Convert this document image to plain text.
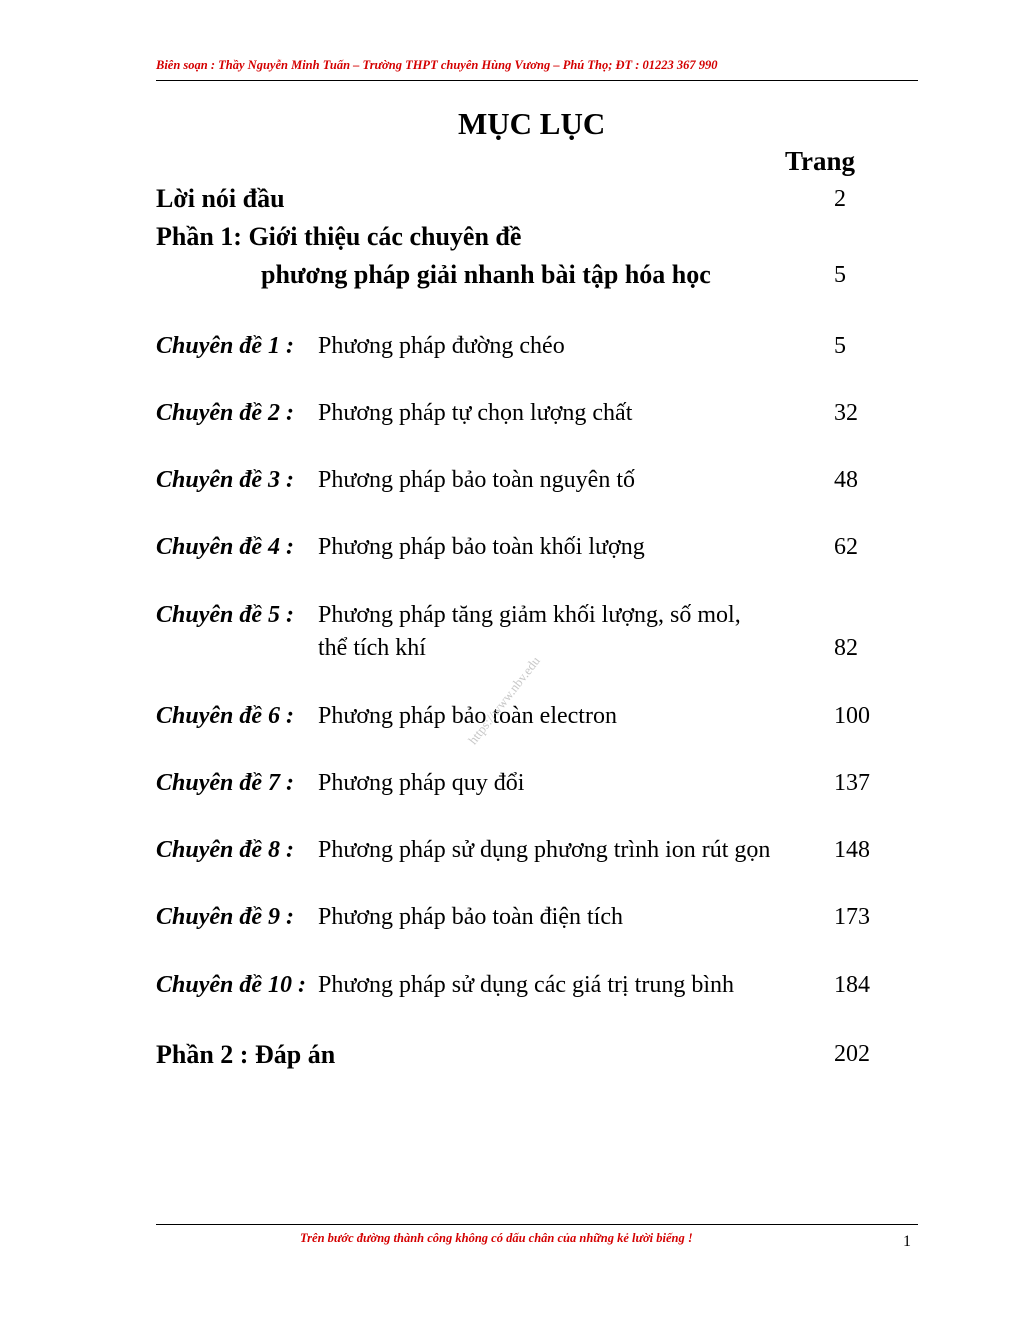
Biên soạn : Thầy Nguyễn Minh Tuấn – Trường THPT chuyên Hùng Vương – Phú Thọ; ĐT : 01223 367 990
MỤC LỤC
Trang
Lời nói đầu	2
Phần 1: Giới thiệu các chuyên đề
phương pháp giải nhanh bài tập hóa học	5
Chuyên đề 1 : Phương pháp đường chéo	5
Chuyên đề 2 : Phương pháp tự chọn lượng chất	32
Chuyên đề 3 : Phương pháp bảo toàn nguyên tố	48
Chuyên đề 4 : Phương pháp bảo toàn khối lượng	62
Chuyên đề 5 : Phương pháp tăng giảm khối lượng, số mol,
thể tích khí	82
Chuyên đề 6 : Phương pháp bảo toàn electron	100
Chuyên đề 7 : Phương pháp quy đổi	137
Chuyên đề 8 : Phương pháp sử dụng phương trình ion rút gọn	148
Chuyên đề 9 : Phương pháp bảo toàn điện tích	173
Chuyên đề 10 : Phương pháp sử dụng các giá trị trung bình	184
Phần 2 : Đáp án	202
https://www.nbv.edu
Trên bước đường thành công không có dấu chân của những kẻ lười biếng !	1
